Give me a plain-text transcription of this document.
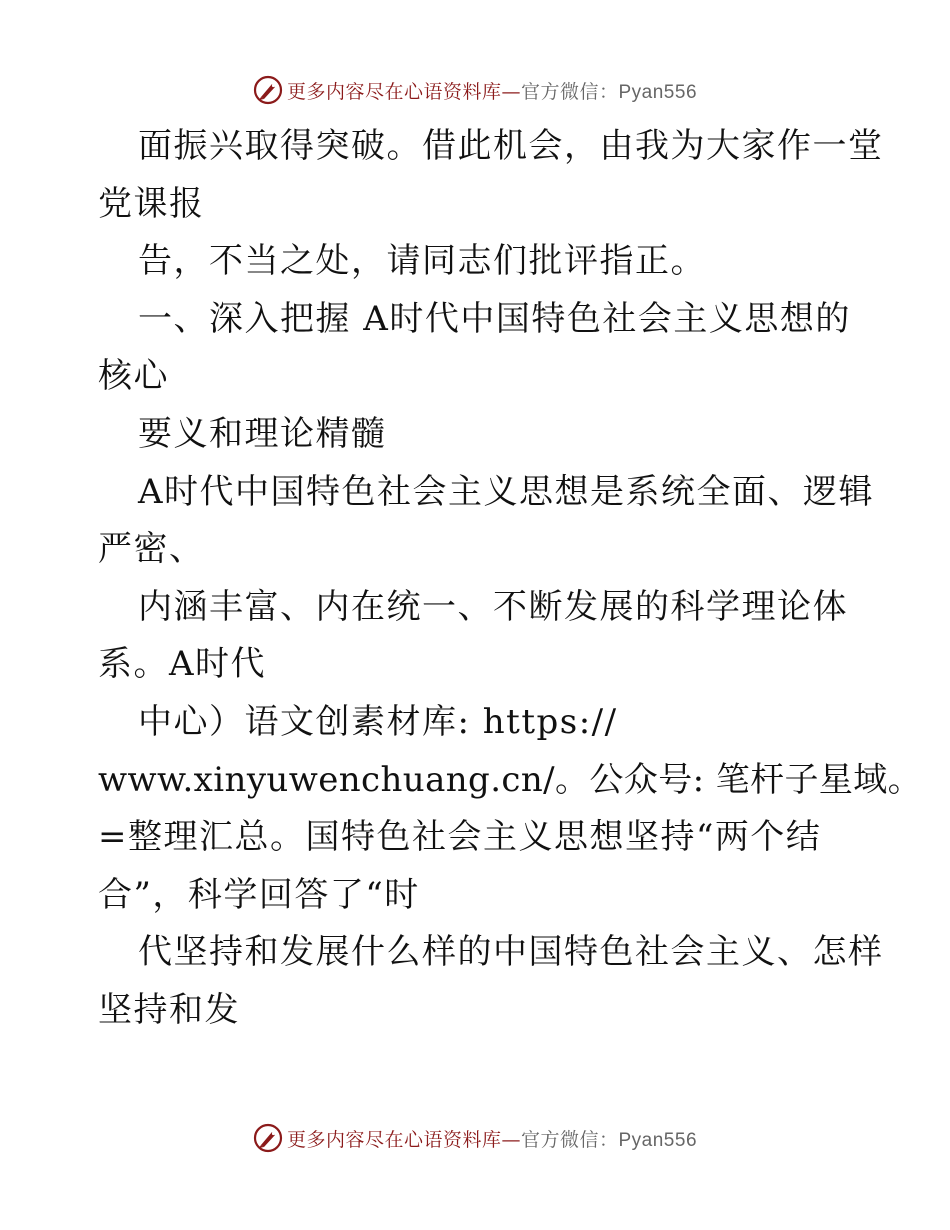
更多内容尽在心语资料库—官方微信：Pyan556
面振兴取得突破。借此机会，由我为大家作一堂
党课报
告，不当之处，请同志们批评指正。
一、深入把握 A时代中国特色社会主义思想的
核心
要义和理论精髓
A时代中国特色社会主义思想是系统全面、逻辑
严密、
内涵丰富、内在统一、不断发展的科学理论体
系。A时代
中心）语文创素材库: https://
www.xinyuwenchuang.cn/。公众号: 笔杆子星域。
=整理汇总。国特色社会主义思想坚持“两个结
合”，科学回答了“时
代坚持和发展什么样的中国特色社会主义、怎样
坚持和发
更多内容尽在心语资料库—官方微信：Pyan556
